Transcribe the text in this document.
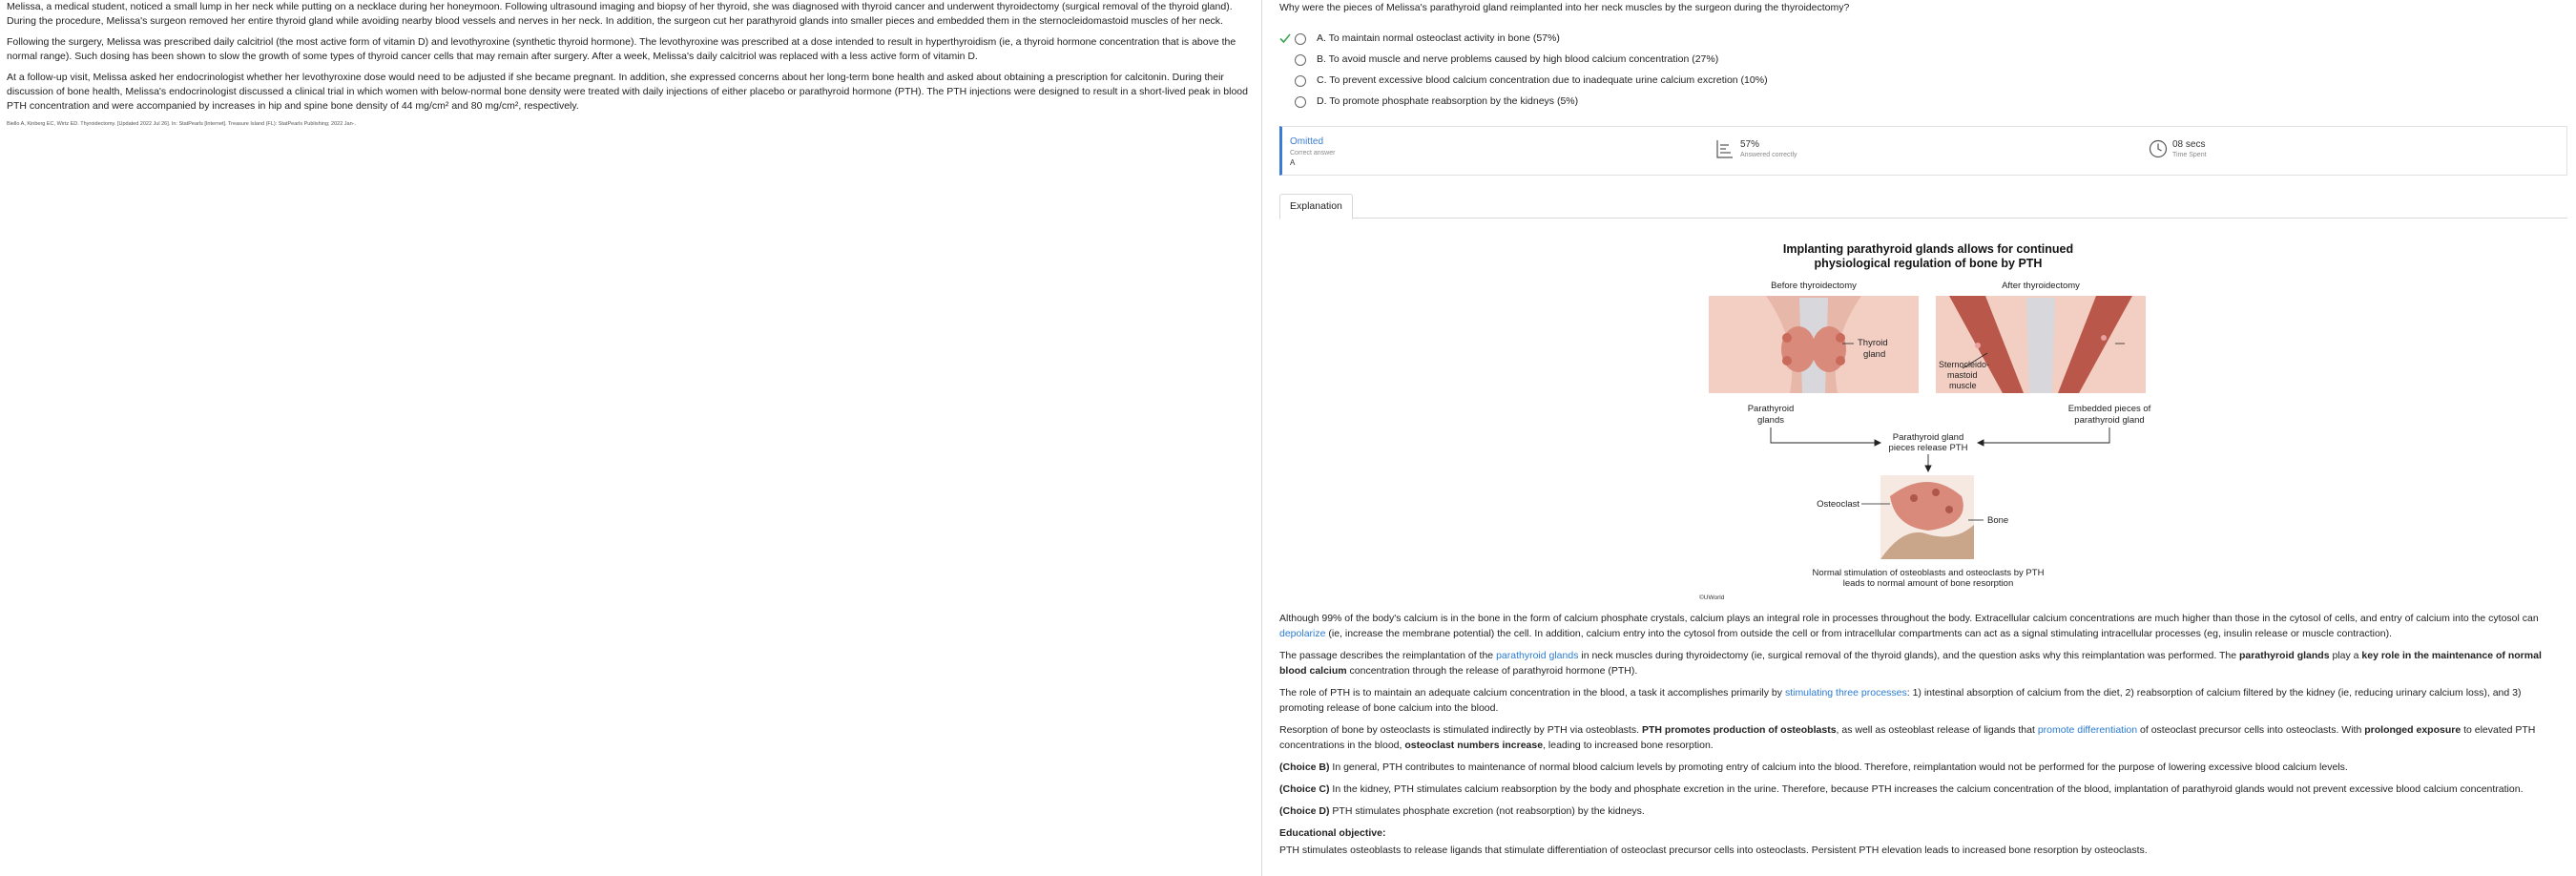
Melissa, a medical student, noticed a small lump in her neck while putting on a necklace during her honeymoon. Following ultrasound imaging and biopsy of her thyroid, she was diagnosed with thyroid cancer and underwent thyroidectomy (surgical removal of the thyroid gland). During the procedure, Melissa's surgeon removed her entire thyroid gland while avoiding nearby blood vessels and nerves in her neck. In addition, the surgeon cut her parathyroid glands into smaller pieces and embedded them in the sternocleidomastoid muscles of her neck.

Following the surgery, Melissa was prescribed daily calcitriol (the most active form of vitamin D) and levothyroxine (synthetic thyroid hormone). The levothyroxine was prescribed at a dose intended to result in hyperthyroidism (ie, a thyroid hormone concentration that is above the normal range). Such dosing has been shown to slow the growth of some types of thyroid cancer cells that may remain after surgery. After a week, Melissa's daily calcitriol was replaced with a less active form of vitamin D.

At a follow-up visit, Melissa asked her endocrinologist whether her levothyroxine dose would need to be adjusted if she became pregnant. In addition, she expressed concerns about her long-term bone health and asked about obtaining a prescription for calcitonin. During their discussion of bone health, Melissa's endocrinologist discussed a clinical trial in which women with below-normal bone density were treated with daily injections of either placebo or parathyroid hormone (PTH). The PTH injections were designed to result in a short-lived peak in blood PTH concentration and were accompanied by increases in hip and spine bone density of 44 mg/cm² and 80 mg/cm², respectively.

Biello A, Kinberg EC, Wirtz ED. Thyroidectomy. [Updated 2022 Jul 26]. In: StatPearls [Internet]. Treasure Island (FL): StatPearls Publishing; 2022 Jan-.

Why were the pieces of Melissa's parathyroid gland reimplanted into her neck muscles by the surgeon during the thyroidectomy?

A. To maintain normal osteoclast activity in bone (57%)
B. To avoid muscle and nerve problems caused by high blood calcium concentration (27%)
C. To prevent excessive blood calcium concentration due to inadequate urine calcium excretion (10%)
D. To promote phosphate reabsorption by the kidneys (5%)
Omitted
Correct answer
A
57%
Answered correctly
08 secs
Time Spent
Explanation
Implanting parathyroid glands allows for continued
physiological regulation of bone by PTH
Before thyroidectomy	After thyroidectomy
Thyroid
gland
Sternocleido-
mastoid
muscle
Parathyroid
glands
Embedded pieces of
parathyroid gland
Parathyroid gland
pieces release PTH
Osteoclast
Bone
Normal stimulation of osteoblasts and osteoclasts by PTH
leads to normal amount of bone resorption
©UWorld

Although 99% of the body's calcium is in the bone in the form of calcium phosphate crystals, calcium plays an integral role in processes throughout the body. Extracellular calcium concentrations are much higher than those in the cytosol of cells, and entry of calcium into the cytosol can depolarize (ie, increase the membrane potential) the cell. In addition, calcium entry into the cytosol from outside the cell or from intracellular compartments can act as a signal stimulating intracellular processes (eg, insulin release or muscle contraction).

The passage describes the reimplantation of the parathyroid glands in neck muscles during thyroidectomy (ie, surgical removal of the thyroid glands), and the question asks why this reimplantation was performed. The parathyroid glands play a key role in the maintenance of normal blood calcium concentration through the release of parathyroid hormone (PTH).

The role of PTH is to maintain an adequate calcium concentration in the blood, a task it accomplishes primarily by stimulating three processes: 1) intestinal absorption of calcium from the diet, 2) reabsorption of calcium filtered by the kidney (ie, reducing urinary calcium loss), and 3) promoting release of bone calcium into the blood.

Resorption of bone by osteoclasts is stimulated indirectly by PTH via osteoblasts. PTH promotes production of osteoblasts, as well as osteoblast release of ligands that promote differentiation of osteoclast precursor cells into osteoclasts. With prolonged exposure to elevated PTH concentrations in the blood, osteoclast numbers increase, leading to increased bone resorption.

(Choice B) In general, PTH contributes to maintenance of normal blood calcium levels by promoting entry of calcium into the blood. Therefore, reimplantation would not be performed for the purpose of lowering excessive blood calcium levels.

(Choice C) In the kidney, PTH stimulates calcium reabsorption by the body and phosphate excretion in the urine. Therefore, because PTH increases the calcium concentration of the blood, implantation of parathyroid glands would not prevent excessive blood calcium concentration.

(Choice D) PTH stimulates phosphate excretion (not reabsorption) by the kidneys.

Educational objective:

PTH stimulates osteoblasts to release ligands that stimulate differentiation of osteoclast precursor cells into osteoclasts. Persistent PTH elevation leads to increased bone resorption by osteoclasts.
